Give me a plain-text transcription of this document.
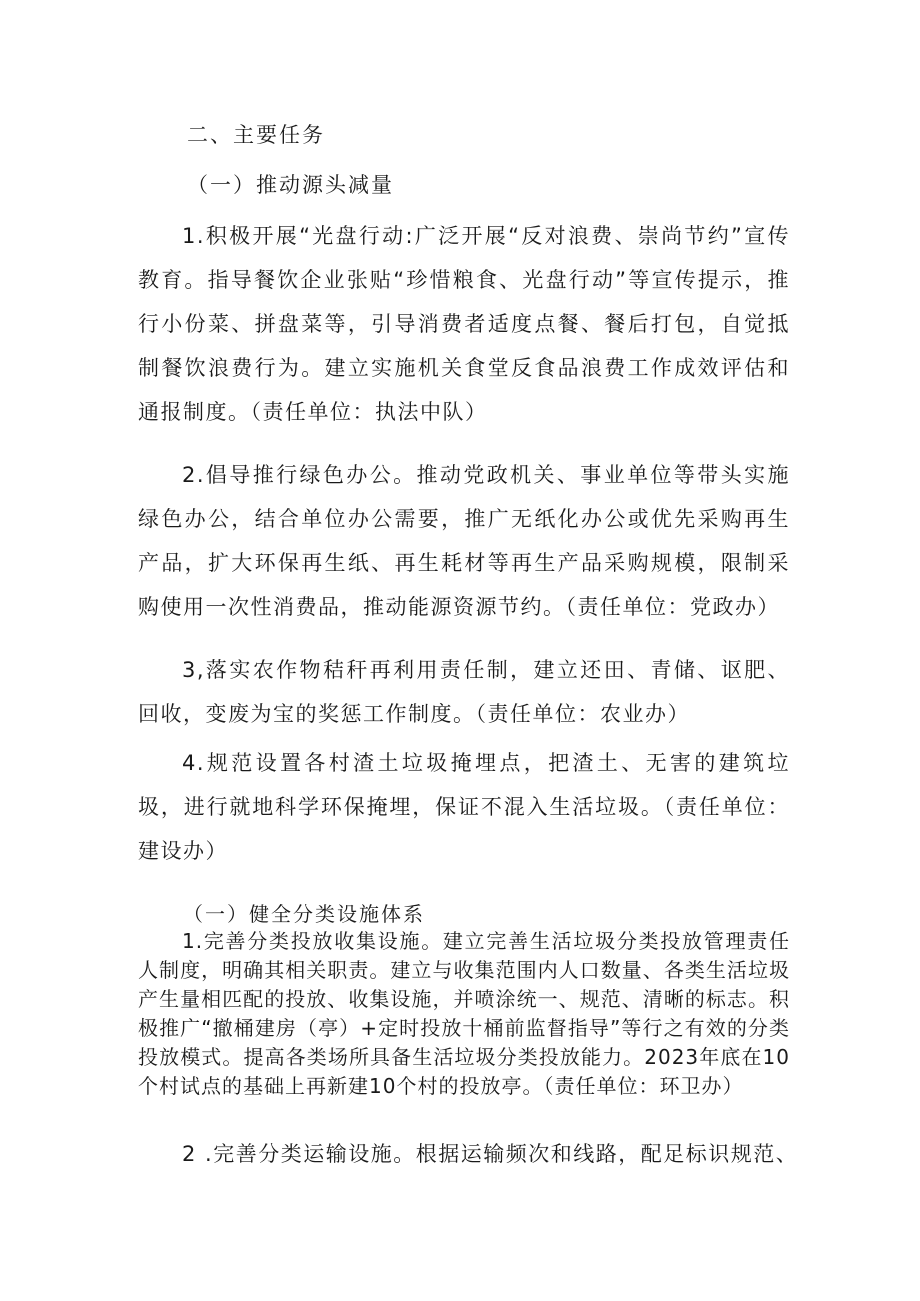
二、主要任务
（一）推动源头减量
1.积极开展“光盘行动:广泛开展“反对浪费、崇尚节约”宣传教育。指导餐饮企业张贴“珍惜粮食、光盘行动”等宣传提示，推行小份菜、拼盘菜等，引导消费者适度点餐、餐后打包，自觉抵制餐饮浪费行为。建立实施机关食堂反食品浪费工作成效评估和通报制度。（责任单位：执法中队）
2.倡导推行绿色办公。推动党政机关、事业单位等带头实施绿色办公，结合单位办公需要，推广无纸化办公或优先采购再生产品，扩大环保再生纸、再生耗材等再生产品采购规模，限制采购使用一次性消费品，推动能源资源节约。（责任单位：党政办）
3,落实农作物秸秆再利用责任制，建立还田、青储、讴肥、回收，变废为宝的奖惩工作制度。（责任单位：农业办）
4.规范设置各村渣土垃圾掩埋点，把渣土、无害的建筑垃圾，进行就地科学环保掩埋，保证不混入生活垃圾。（责任单位：建设办）
（一）健全分类设施体系
1.完善分类投放收集设施。建立完善生活垃圾分类投放管理责任人制度，明确其相关职责。建立与收集范围内人口数量、各类生活垃圾产生量相匹配的投放、收集设施，并喷涂统一、规范、清晰的标志。积极推广“撤桶建房（亭）+定时投放十桶前监督指导”等行之有效的分类投放模式。提高各类场所具备生活垃圾分类投放能力。2023年底在10个村试点的基础上再新建10个村的投放亭。（责任单位：环卫办）
2 .完善分类运输设施。根据运输频次和线路，配足标识规范、
